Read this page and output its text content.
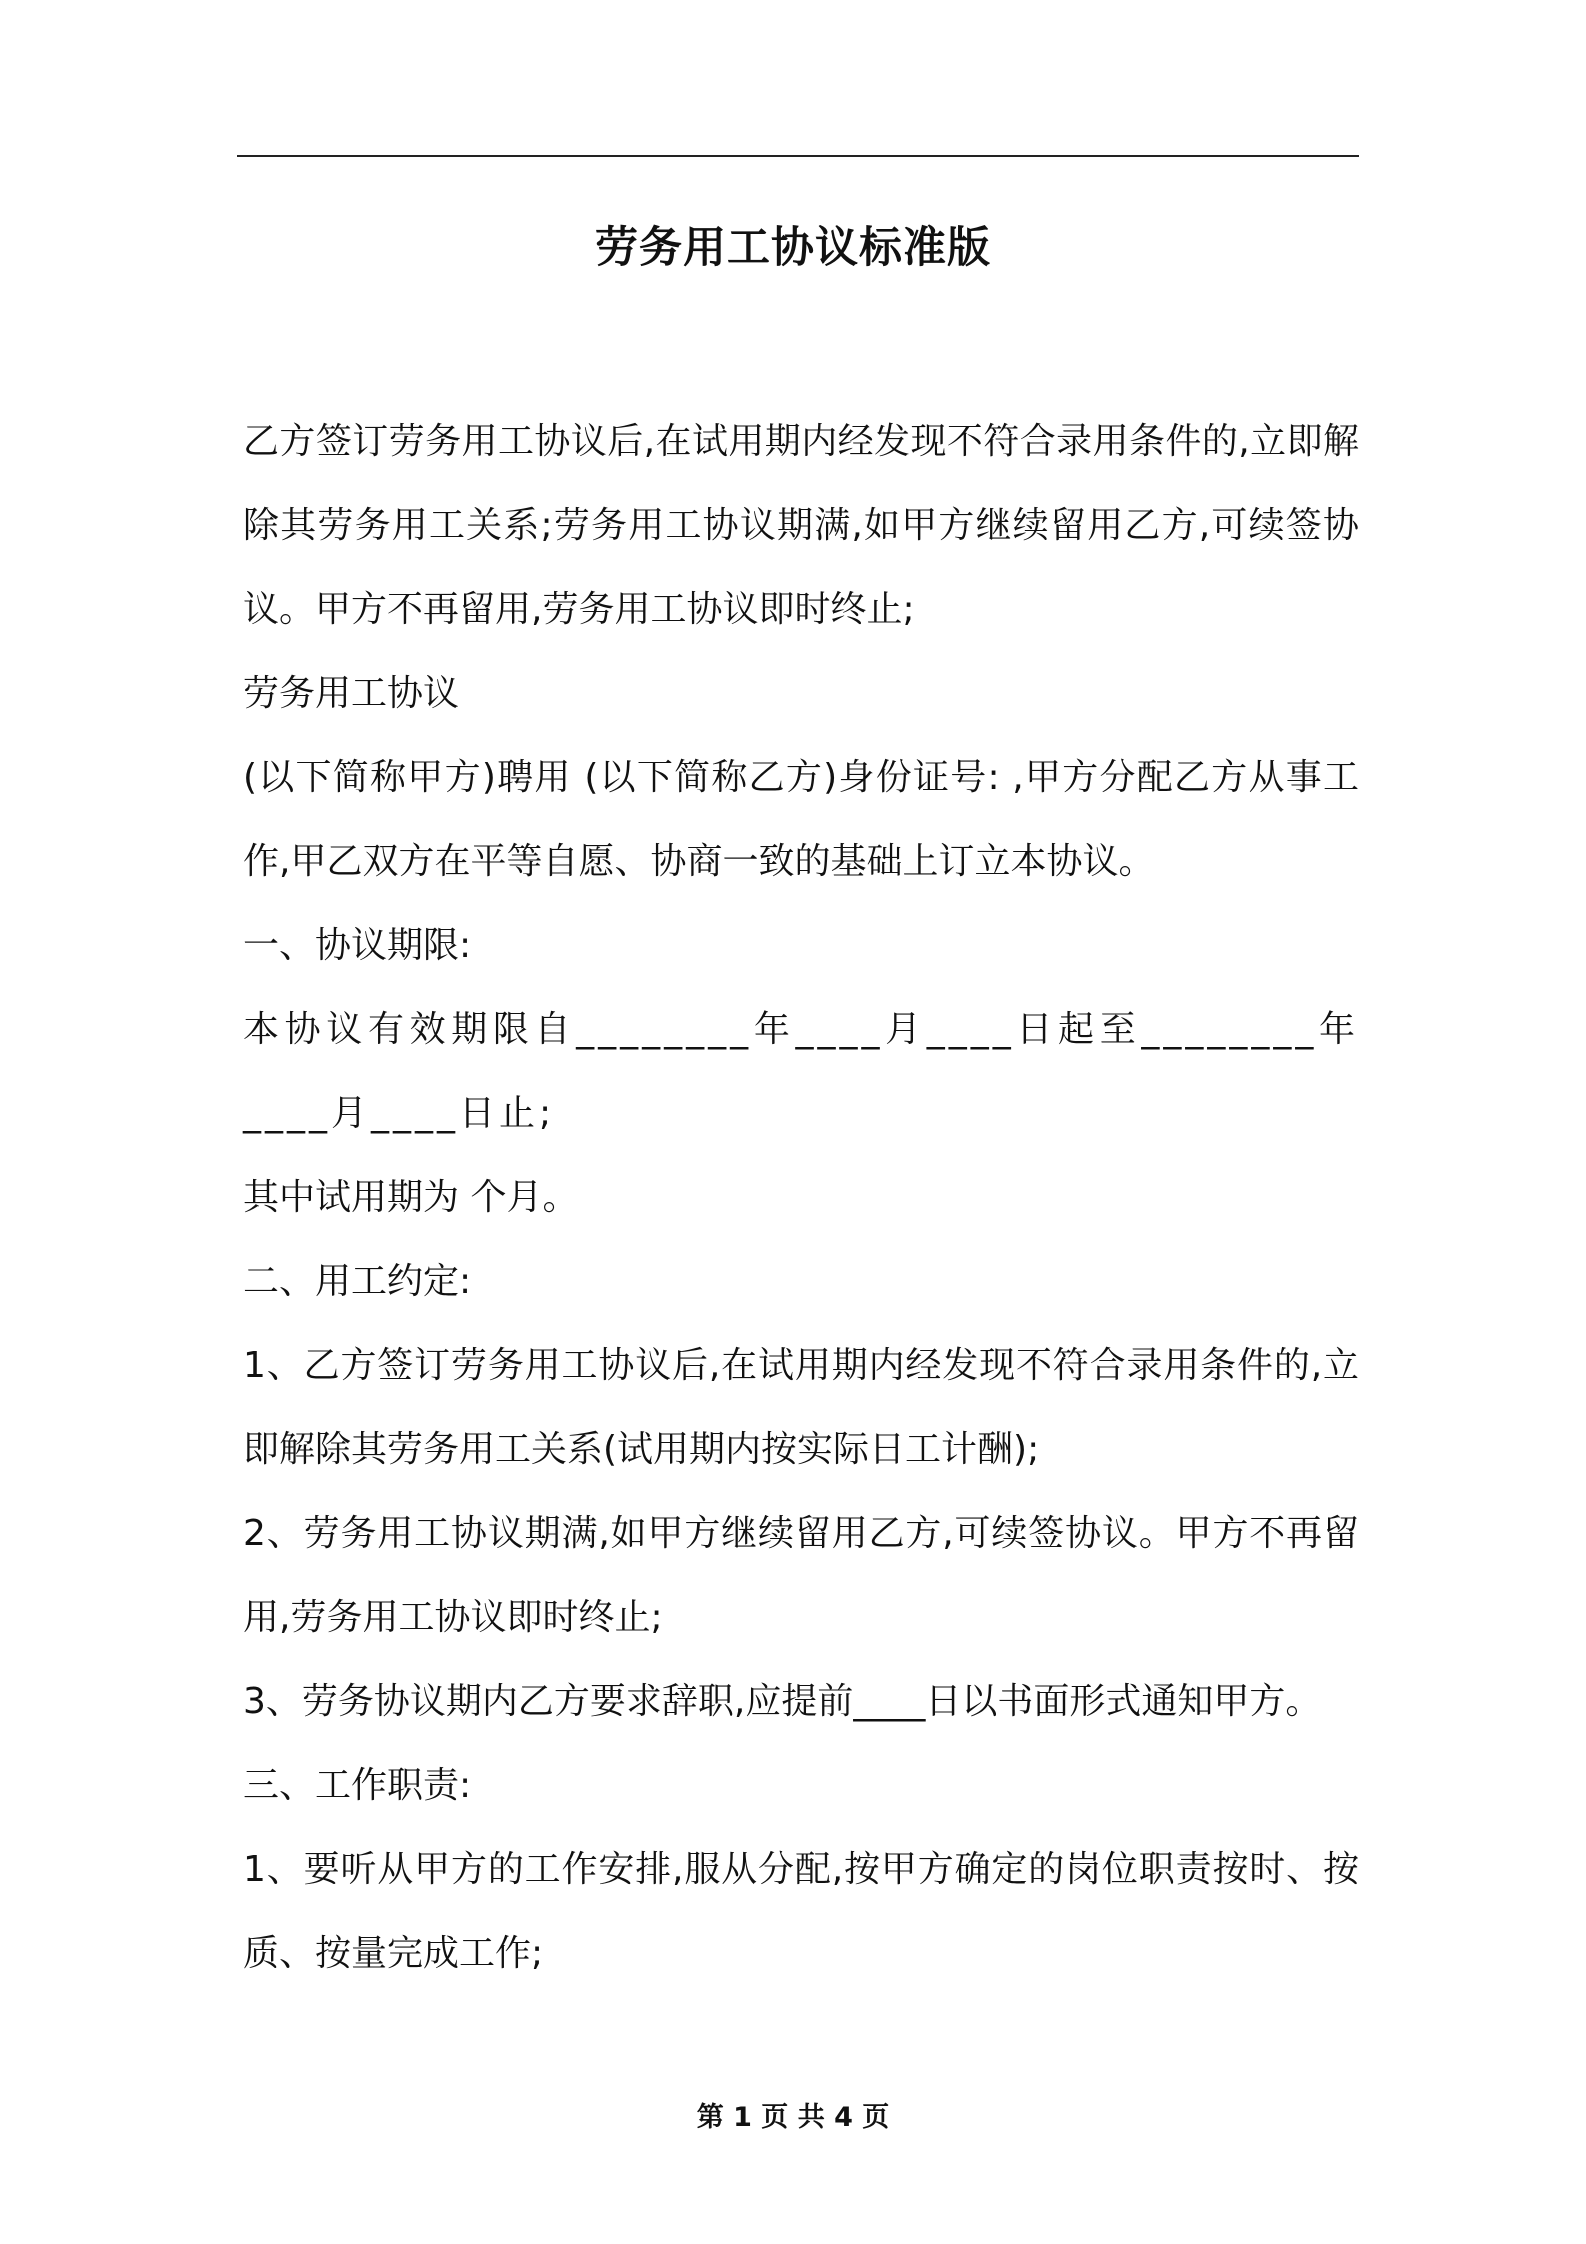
劳务用工协议标准版

乙方签订劳务用工协议后,在试用期内经发现不符合录用条件的,立即解除其劳务用工关系;劳务用工协议期满,如甲方继续留用乙方,可续签协议。甲方不再留用,劳务用工协议即时终止;

劳务用工协议

(以下简称甲方)聘用 (以下简称乙方)身份证号: ,甲方分配乙方从事工作,甲乙双方在平等自愿、协商一致的基础上订立本协议。

一、协议期限:

本协议有效期限自________年____月____日起至________年____月____日止;

其中试用期为 个月。

二、用工约定:

1、乙方签订劳务用工协议后,在试用期内经发现不符合录用条件的,立即解除其劳务用工关系(试用期内按实际日工计酬);

2、劳务用工协议期满,如甲方继续留用乙方,可续签协议。甲方不再留用,劳务用工协议即时终止;

3、劳务协议期内乙方要求辞职,应提前____日以书面形式通知甲方。

三、工作职责:

1、要听从甲方的工作安排,服从分配,按甲方确定的岗位职责按时、按质、按量完成工作;

第 1 页 共 4 页
